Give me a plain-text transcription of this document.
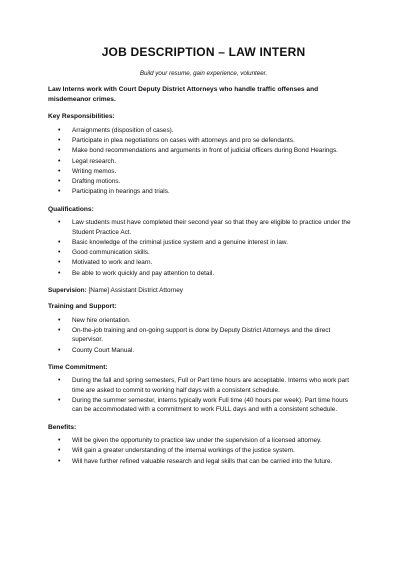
JOB DESCRIPTION – LAW INTERN
Build your resume, gain experience, volunteer.
Law Interns work with Court Deputy District Attorneys who handle traffic offenses and misdemeanor crimes.
Key Responsibilities:
• Arraignments (disposition of cases).
• Participate in plea negotiations on cases with attorneys and pro se defendants.
• Make bond recommendations and arguments in front of judicial officers during Bond Hearings.
• Legal research.
• Writing memos.
• Drafting motions.
• Participating in hearings and trials.
Qualifications:
• Law students must have completed their second year so that they are eligible to practice under the Student Practice Act.
• Basic knowledge of the criminal justice system and a genuine interest in law.
• Good communication skills.
• Motivated to work and learn.
• Be able to work quickly and pay attention to detail.
Supervision: [Name] Assistant District Attorney
Training and Support:
• New hire orientation.
• On-the-job training and on-going support is done by Deputy District Attorneys and the direct supervisor.
• County Court Manual.
Time Commitment:
• During the fall and spring semesters, Full or Part time hours are acceptable. Interns who work part time are asked to commit to working half days with a consistent schedule.
• During the summer semester, interns typically work Full time (40 hours per week). Part time hours can be accommodated with a commitment to work FULL days and with a consistent schedule.
Benefits:
• Will be given the opportunity to practice law under the supervision of a licensed attorney.
• Will gain a greater understanding of the internal workings of the justice system.
• Will have further refined valuable research and legal skills that can be carried into the future.
